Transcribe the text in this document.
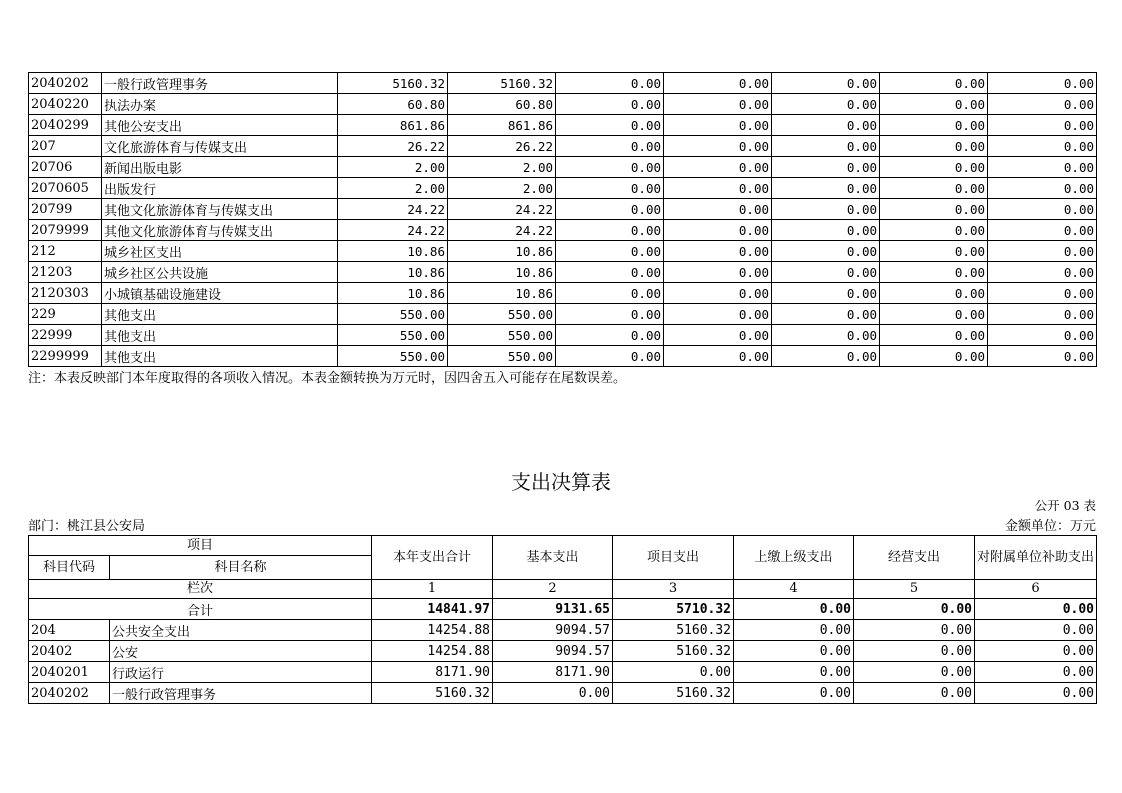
2040202	一般行政管理事务	5160.32	5160.32	0.00	0.00	0.00	0.00	0.00
2040220	执法办案	60.80	60.80	0.00	0.00	0.00	0.00	0.00
2040299	其他公安支出	861.86	861.86	0.00	0.00	0.00	0.00	0.00
207	文化旅游体育与传媒支出	26.22	26.22	0.00	0.00	0.00	0.00	0.00
20706	新闻出版电影	2.00	2.00	0.00	0.00	0.00	0.00	0.00
2070605	出版发行	2.00	2.00	0.00	0.00	0.00	0.00	0.00
20799	其他文化旅游体育与传媒支出	24.22	24.22	0.00	0.00	0.00	0.00	0.00
2079999	其他文化旅游体育与传媒支出	24.22	24.22	0.00	0.00	0.00	0.00	0.00
212	城乡社区支出	10.86	10.86	0.00	0.00	0.00	0.00	0.00
21203	城乡社区公共设施	10.86	10.86	0.00	0.00	0.00	0.00	0.00
2120303	小城镇基础设施建设	10.86	10.86	0.00	0.00	0.00	0.00	0.00
229	其他支出	550.00	550.00	0.00	0.00	0.00	0.00	0.00
22999	其他支出	550.00	550.00	0.00	0.00	0.00	0.00	0.00
2299999	其他支出	550.00	550.00	0.00	0.00	0.00	0.00	0.00
注：本表反映部门本年度取得的各项收入情况。本表金额转换为万元时，因四舍五入可能存在尾数误差。
支出决算表
公开 03 表
部门：桃江县公安局	金额单位：万元
项目		本年支出合计	基本支出	项目支出	上缴上级支出	经营支出	对附属单位补助支出
科目代码	科目名称						
栏次		1	2	3	4	5	6
合计		14841.97	9131.65	5710.32	0.00	0.00	0.00
204	公共安全支出	14254.88	9094.57	5160.32	0.00	0.00	0.00
20402	公安	14254.88	9094.57	5160.32	0.00	0.00	0.00
2040201	行政运行	8171.90	8171.90	0.00	0.00	0.00	0.00
2040202	一般行政管理事务	5160.32	0.00	5160.32	0.00	0.00	0.00
